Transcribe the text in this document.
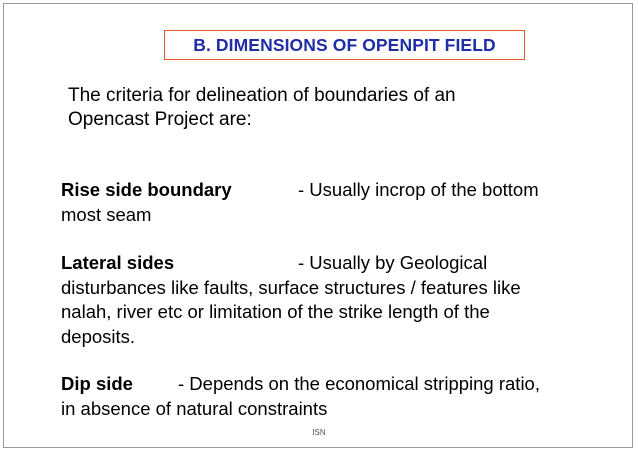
B. DIMENSIONS OF OPENPIT FIELD

The criteria for delineation of boundaries of an
Opencast Project are:

Rise side boundary	- Usually incrop of the bottom
most seam
Lateral sides	- Usually by Geological
disturbances like faults, surface structures / features like
nalah, river etc or limitation of the strike length of the
deposits.
Dip side - Depends on the economical stripping ratio,
in absence of natural constraints
ISN
